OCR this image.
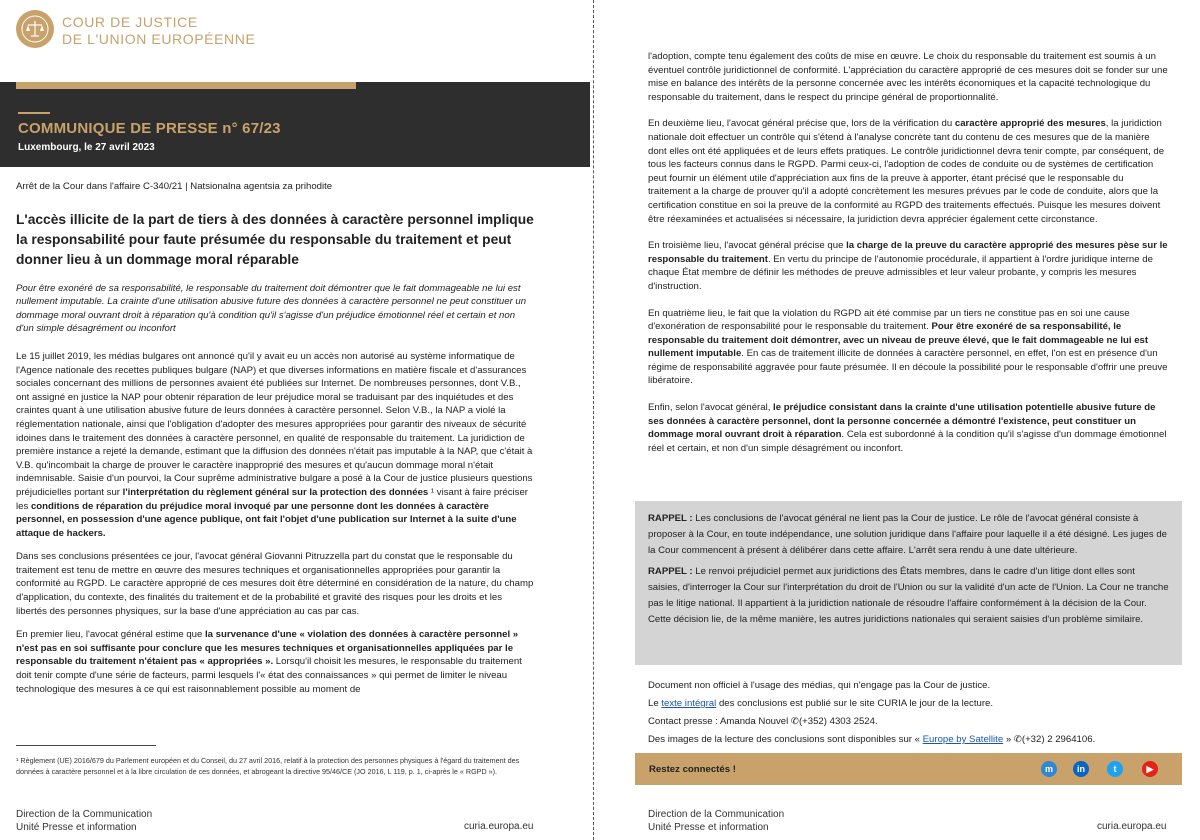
COUR DE JUSTICE
DE L'UNION EUROPÉENNE
COMMUNIQUE DE PRESSE n° 67/23
Luxembourg, le 27 avril 2023
Arrêt de la Cour dans l'affaire C-340/21 | Natsionalna agentsia za prihodite
L'accès illicite de la part de tiers à des données à caractère personnel implique la responsabilité pour faute présumée du responsable du traitement et peut donner lieu à un dommage moral réparable
Pour être exonéré de sa responsabilité, le responsable du traitement doit démontrer que le fait dommageable ne lui est nullement imputable. La crainte d'une utilisation abusive future des données à caractère personnel ne peut constituer un dommage moral ouvrant droit à réparation qu'à condition qu'il s'agisse d'un préjudice émotionnel réel et certain et non d'un simple désagrément ou inconfort
Le 15 juillet 2019, les médias bulgares ont annoncé qu'il y avait eu un accès non autorisé au système informatique de l'Agence nationale des recettes publiques bulgare (NAP) et que diverses informations en matière fiscale et d'assurances sociales concernant des millions de personnes avaient été publiées sur Internet. De nombreuses personnes, dont V.B., ont assigné en justice la NAP pour obtenir réparation de leur préjudice moral se traduisant par des inquiétudes et des craintes quant à une utilisation abusive future de leurs données à caractère personnel. Selon V.B., la NAP a violé la réglementation nationale, ainsi que l'obligation d'adopter des mesures appropriées pour garantir des niveaux de sécurité idoines dans le traitement des données à caractère personnel, en qualité de responsable du traitement. La juridiction de première instance a rejeté la demande, estimant que la diffusion des données n'était pas imputable à la NAP, que c'était à V.B. qu'incombait la charge de prouver le caractère inapproprié des mesures et qu'aucun dommage moral n'était indemnisable. Saisie d'un pourvoi, la Cour suprême administrative bulgare a posé à la Cour de justice plusieurs questions préjudicielles portant sur l'interprétation du règlement général sur la protection des données ¹ visant à faire préciser les conditions de réparation du préjudice moral invoqué par une personne dont les données à caractère personnel, en possession d'une agence publique, ont fait l'objet d'une publication sur Internet à la suite d'une attaque de hackers.
Dans ses conclusions présentées ce jour, l'avocat général Giovanni Pitruzzella part du constat que le responsable du traitement est tenu de mettre en œuvre des mesures techniques et organisationnelles appropriées pour garantir la conformité au RGPD. Le caractère approprié de ces mesures doit être déterminé en considération de la nature, du champ d'application, du contexte, des finalités du traitement et de la probabilité et gravité des risques pour les droits et les libertés des personnes physiques, sur la base d'une appréciation au cas par cas.
En premier lieu, l'avocat général estime que la survenance d'une « violation des données à caractère personnel » n'est pas en soi suffisante pour conclure que les mesures techniques et organisationnelles appliquées par le responsable du traitement n'étaient pas « appropriées ». Lorsqu'il choisit les mesures, le responsable du traitement doit tenir compte d'une série de facteurs, parmi lesquels l'« état des connaissances » qui permet de limiter le niveau technologique des mesures à ce qui est raisonnablement possible au moment de
¹ Règlement (UE) 2016/679 du Parlement européen et du Conseil, du 27 avril 2016, relatif à la protection des personnes physiques à l'égard du traitement des données à caractère personnel et à la libre circulation de ces données, et abrogeant la directive 95/46/CE (JO 2016, L 119, p. 1, ci-après le « RGPD »).
Direction de la Communication
Unité Presse et information	curia.europa.eu
l'adoption, compte tenu également des coûts de mise en œuvre. Le choix du responsable du traitement est soumis à un éventuel contrôle juridictionnel de conformité. L'appréciation du caractère approprié de ces mesures doit se fonder sur une mise en balance des intérêts de la personne concernée avec les intérêts économiques et la capacité technologique du responsable du traitement, dans le respect du principe général de proportionnalité.
En deuxième lieu, l'avocat général précise que, lors de la vérification du caractère approprié des mesures, la juridiction nationale doit effectuer un contrôle qui s'étend à l'analyse concrète tant du contenu de ces mesures que de la manière dont elles ont été appliquées et de leurs effets pratiques. Le contrôle juridictionnel devra tenir compte, par conséquent, de tous les facteurs connus dans le RGPD. Parmi ceux-ci, l'adoption de codes de conduite ou de systèmes de certification peut fournir un élément utile d'appréciation aux fins de la preuve à apporter, étant précisé que le responsable du traitement a la charge de prouver qu'il a adopté concrètement les mesures prévues par le code de conduite, alors que la certification constitue en soi la preuve de la conformité au RGPD des traitements effectués. Puisque les mesures doivent être réexaminées et actualisées si nécessaire, la juridiction devra apprécier également cette circonstance.
En troisième lieu, l'avocat général précise que la charge de la preuve du caractère approprié des mesures pèse sur le responsable du traitement. En vertu du principe de l'autonomie procédurale, il appartient à l'ordre juridique interne de chaque État membre de définir les méthodes de preuve admissibles et leur valeur probante, y compris les mesures d'instruction.
En quatrième lieu, le fait que la violation du RGPD ait été commise par un tiers ne constitue pas en soi une cause d'exonération de responsabilité pour le responsable du traitement. Pour être exonéré de sa responsabilité, le responsable du traitement doit démontrer, avec un niveau de preuve élevé, que le fait dommageable ne lui est nullement imputable. En cas de traitement illicite de données à caractère personnel, en effet, l'on est en présence d'un régime de responsabilité aggravée pour faute présumée. Il en découle la possibilité pour le responsable d'offrir une preuve libératoire.
Enfin, selon l'avocat général, le préjudice consistant dans la crainte d'une utilisation potentielle abusive future de ses données à caractère personnel, dont la personne concernée a démontré l'existence, peut constituer un dommage moral ouvrant droit à réparation. Cela est subordonné à la condition qu'il s'agisse d'un dommage émotionnel réel et certain, et non d'un simple désagrément ou inconfort.

RAPPEL : Les conclusions de l'avocat général ne lient pas la Cour de justice. Le rôle de l'avocat général consiste à proposer à la Cour, en toute indépendance, une solution juridique dans l'affaire pour laquelle il a été désigné. Les juges de la Cour commencent à présent à délibérer dans cette affaire. L'arrêt sera rendu à une date ultérieure.

RAPPEL : Le renvoi préjudiciel permet aux juridictions des États membres, dans le cadre d'un litige dont elles sont saisies, d'interroger la Cour sur l'interprétation du droit de l'Union ou sur la validité d'un acte de l'Union. La Cour ne tranche pas le litige national. Il appartient à la juridiction nationale de résoudre l'affaire conformément à la décision de la Cour. Cette décision lie, de la même manière, les autres juridictions nationales qui seraient saisies d'un problème similaire.

Document non officiel à l'usage des médias, qui n'engage pas la Cour de justice.
Le texte intégral des conclusions est publié sur le site CURIA le jour de la lecture.
Contact presse : Amanda Nouvel ✆(+352) 4303 2524.
Des images de la lecture des conclusions sont disponibles sur « Europe by Satellite » ✆(+32) 2 2964106.
Restez connectés !	m	in	t	▶
Direction de la Communication
Unité Presse et information	curia.europa.eu
